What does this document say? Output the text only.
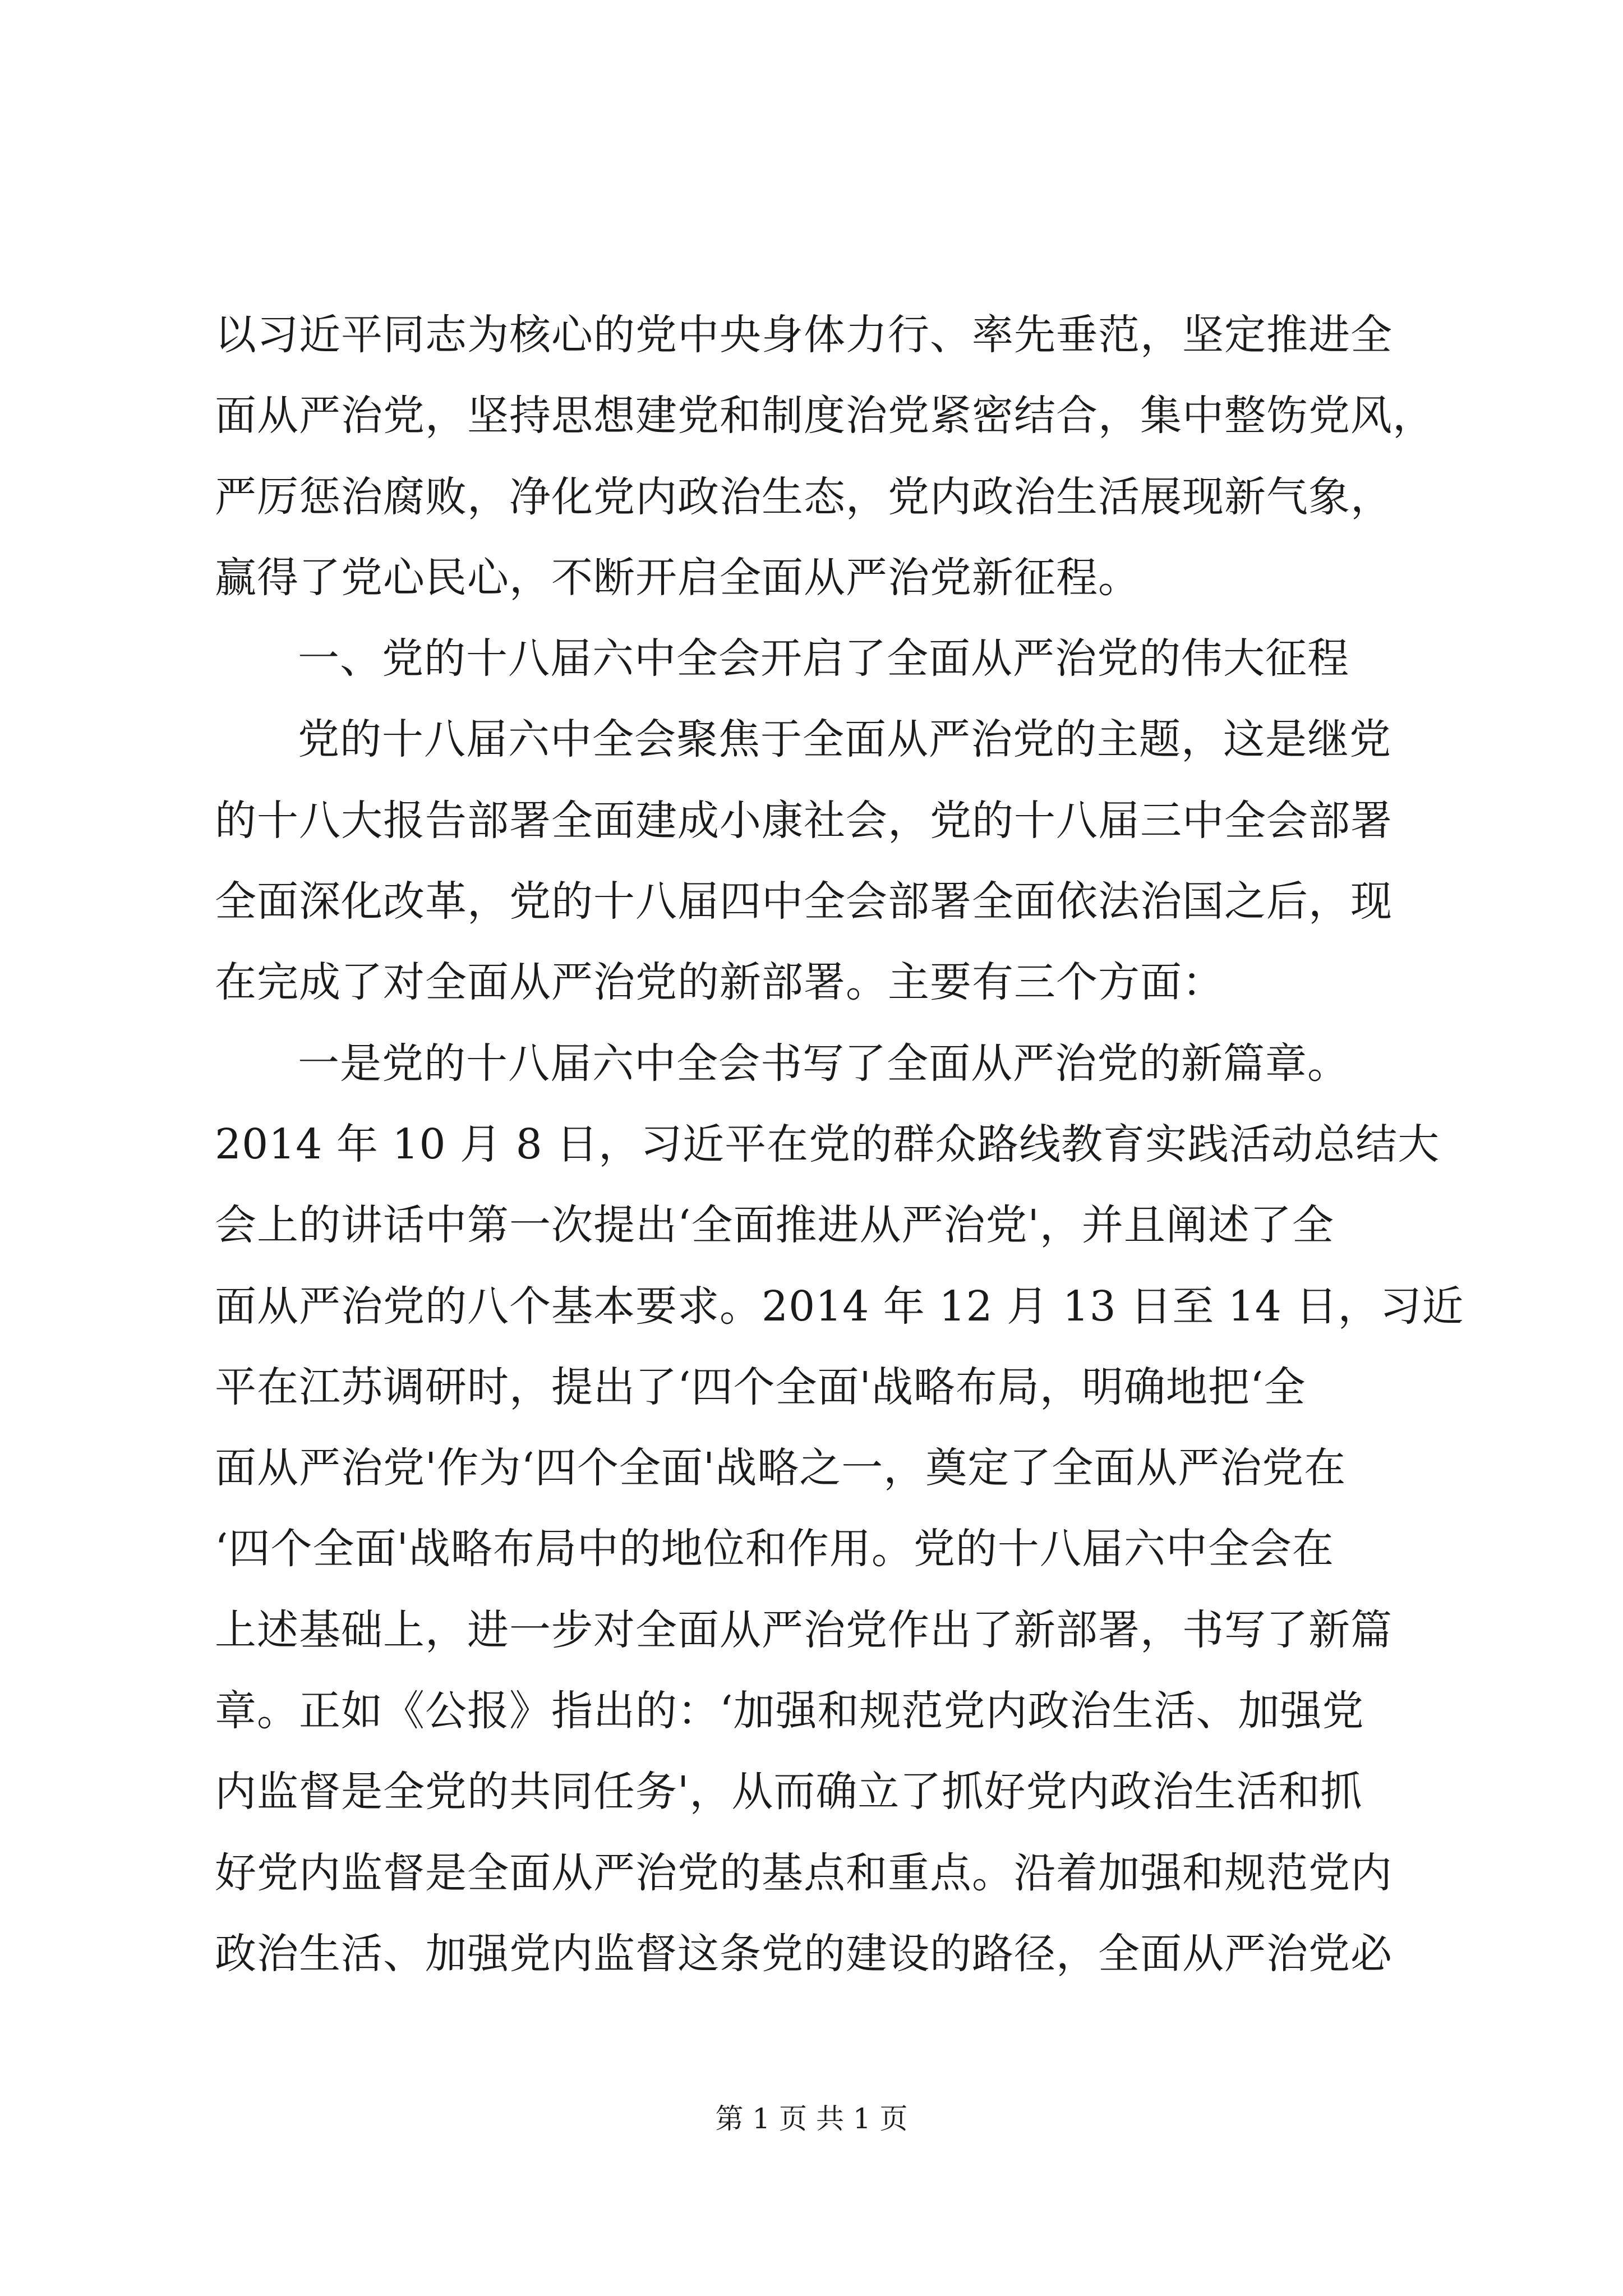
以习近平同志为核心的党中央身体力行、率先垂范，坚定推进全
面从严治党，坚持思想建党和制度治党紧密结合，集中整饬党风，
严厉惩治腐败，净化党内政治生态，党内政治生活展现新气象，
赢得了党心民心，不断开启全面从严治党新征程。
一、党的十八届六中全会开启了全面从严治党的伟大征程
党的十八届六中全会聚焦于全面从严治党的主题，这是继党
的十八大报告部署全面建成小康社会，党的十八届三中全会部署
全面深化改革，党的十八届四中全会部署全面依法治国之后，现
在完成了对全面从严治党的新部署。主要有三个方面：
一是党的十八届六中全会书写了全面从严治党的新篇章。
2014 年 10 月 8 日，习近平在党的群众路线教育实践活动总结大
会上的讲话中第一次提出‘全面推进从严治党'，并且阐述了全
面从严治党的八个基本要求。2014 年 12 月 13 日至 14 日，习近
平在江苏调研时，提出了‘四个全面'战略布局，明确地把‘全
面从严治党'作为‘四个全面'战略之一，奠定了全面从严治党在
‘四个全面'战略布局中的地位和作用。党的十八届六中全会在
上述基础上，进一步对全面从严治党作出了新部署，书写了新篇
章。正如《公报》指出的：‘加强和规范党内政治生活、加强党
内监督是全党的共同任务'，从而确立了抓好党内政治生活和抓
好党内监督是全面从严治党的基点和重点。沿着加强和规范党内
政治生活、加强党内监督这条党的建设的路径，全面从严治党必
第 1 页 共 1 页
